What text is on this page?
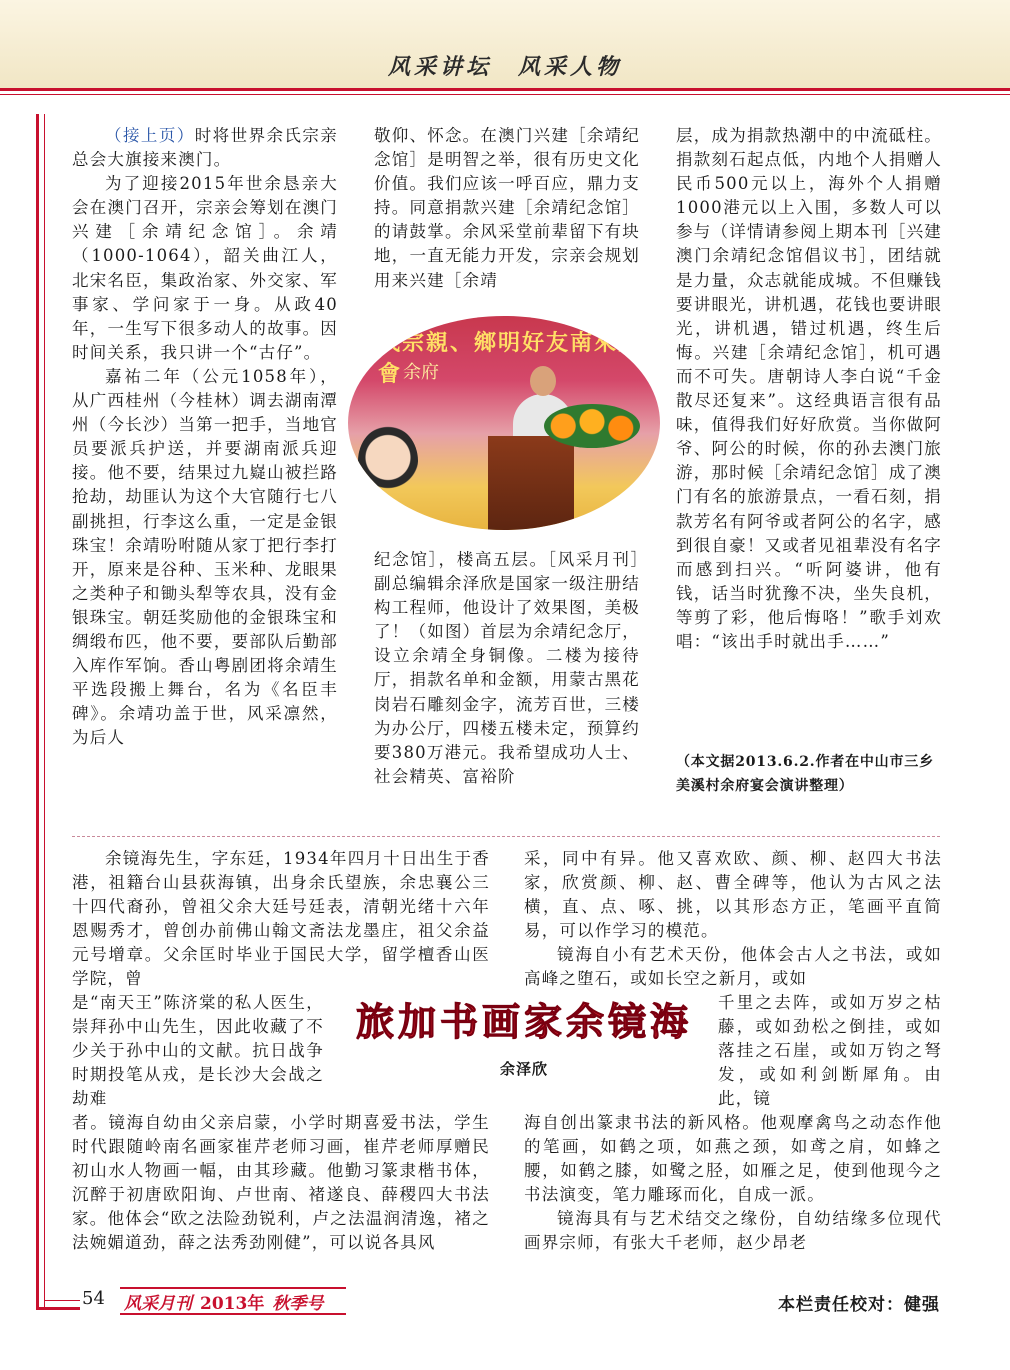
风采讲坛　风采人物

（接上页）时将世界余氏宗亲总会大旗接来澳门。

为了迎接2015年世余恳亲大会在澳门召开，宗亲会筹划在澳门兴建［余靖纪念馆］。余靖（1000-1064），韶关曲江人，北宋名臣，集政治家、外交家、军事家、学问家于一身。从政40年，一生写下很多动人的故事。因时间关系，我只讲一个“古仔”。

嘉祐二年（公元1058年），从广西桂州（今桂林）调去湖南潭州（今长沙）当第一把手，当地官员要派兵护送，并要湖南派兵迎接。他不要，结果过九嶷山被拦路抢劫，劫匪认为这个大官随行七八副挑担，行李这么重，一定是金银珠宝！余靖吩咐随从家丁把行李打开，原来是谷种、玉米种、龙眼果之类种子和锄头犁等农具，没有金银珠宝。朝廷奖励他的金银珠宝和绸缎布匹，他不要，要部队后勤部入库作军饷。香山粤剧团将余靖生平选段搬上舞台，名为《名臣丰碑》。余靖功盖于世，风采凛然，为后人

敬仰、怀念。在澳门兴建［余靖纪念馆］是明智之举，很有历史文化价值。我们应该一呼百应，鼎力支持。同意捐款兴建［余靖纪念馆］的请鼓掌。余风采堂前辈留下有块地，一直无能力开发，宗亲会规划用来兴建［余靖

氏宗親、鄉明好友南來聚會 余府

纪念馆］，楼高五层。［风采月刊］副总编辑余泽欣是国家一级注册结构工程师，他设计了效果图，美极了！（如图）首层为余靖纪念厅，设立余靖全身铜像。二楼为接待厅，捐款名单和金额，用蒙古黑花岗岩石雕刻金字，流芳百世，三楼为办公厅，四楼五楼未定，预算约要380万港元。我希望成功人士、社会精英、富裕阶

层，成为捐款热潮中的中流砥柱。捐款刻石起点低，内地个人捐赠人民币500元以上，海外个人捐赠1000港元以上入围，多数人可以参与（详情请参阅上期本刊［兴建澳门余靖纪念馆倡议书］，团结就是力量，众志就能成城。不但赚钱要讲眼光，讲机遇，花钱也要讲眼光，讲机遇，错过机遇，终生后悔。兴建［余靖纪念馆］，机可遇而不可失。唐朝诗人李白说“千金散尽还复来”。这经典语言很有品味，值得我们好好欣赏。当你做阿爷、阿公的时候，你的孙去澳门旅游，那时候［余靖纪念馆］成了澳门有名的旅游景点，一看石刻，捐款芳名有阿爷或者阿公的名字，感到很自豪！又或者见祖辈没有名字而感到扫兴。“听阿婆讲，他有钱，话当时犹豫不决，坐失良机，等剪了彩，他后悔咯！”歌手刘欢唱：“该出手时就出手……”

（本文据2013.6.2.作者在中山市三乡美溪村余府宴会演讲整理）

余镜海先生，字东廷，1934年四月十日出生于香港，祖籍台山县荻海镇，出身余氏望族，余忠襄公三十四代裔孙，曾祖父余大廷号廷表，清朝光绪十六年恩赐秀才，曾创办前佛山翰文斋法龙墨庄，祖父余益元号增章。父余匡时毕业于国民大学，留学檀香山医学院，曾

是“南天王”陈济棠的私人医生，崇拜孙中山先生，因此收藏了不少关于孙中山的文献。抗日战争时期投笔从戎，是长沙大会战之劫难

者。镜海自幼由父亲启蒙，小学时期喜爱书法，学生时代跟随岭南名画家崔芹老师习画，崔芹老师厚赠民初山水人物画一幅，由其珍藏。他勤习篆隶楷书体，沉醉于初唐欧阳询、卢世南、褚遂良、薛稷四大书法家。他体会“欧之法险劲锐利，卢之法温润清逸，褚之法婉媚道劲，薛之法秀劲刚健”，可以说各具风

旅加书画家余镜海
余泽欣

采，同中有异。他又喜欢欧、颜、柳、赵四大书法家，欣赏颜、柳、赵、曹全碑等，他认为古风之法横，直、点、啄、挑，以其形态方正，笔画平直简易，可以作学习的模范。

镜海自小有艺术天份，他体会古人之书法，或如高峰之堕石，或如长空之新月，或如

千里之去阵，或如万岁之枯藤，或如劲松之倒挂，或如落挂之石崖，或如万钧之弩发，或如利剑断犀角。由此，镜

海自创出篆隶书法的新风格。他观摩禽鸟之动态作他的笔画，如鹤之项，如燕之颈，如鸢之肩，如蜂之腰，如鹤之膝，如鹭之胫，如雁之足，使到他现今之书法演变，笔力雕琢而化，自成一派。

镜海具有与艺术结交之缘份，自幼结缘多位现代画界宗师，有张大千老师，赵少昂老

54 风采月刊 2013年 秋季号	本栏责任校对：健强
